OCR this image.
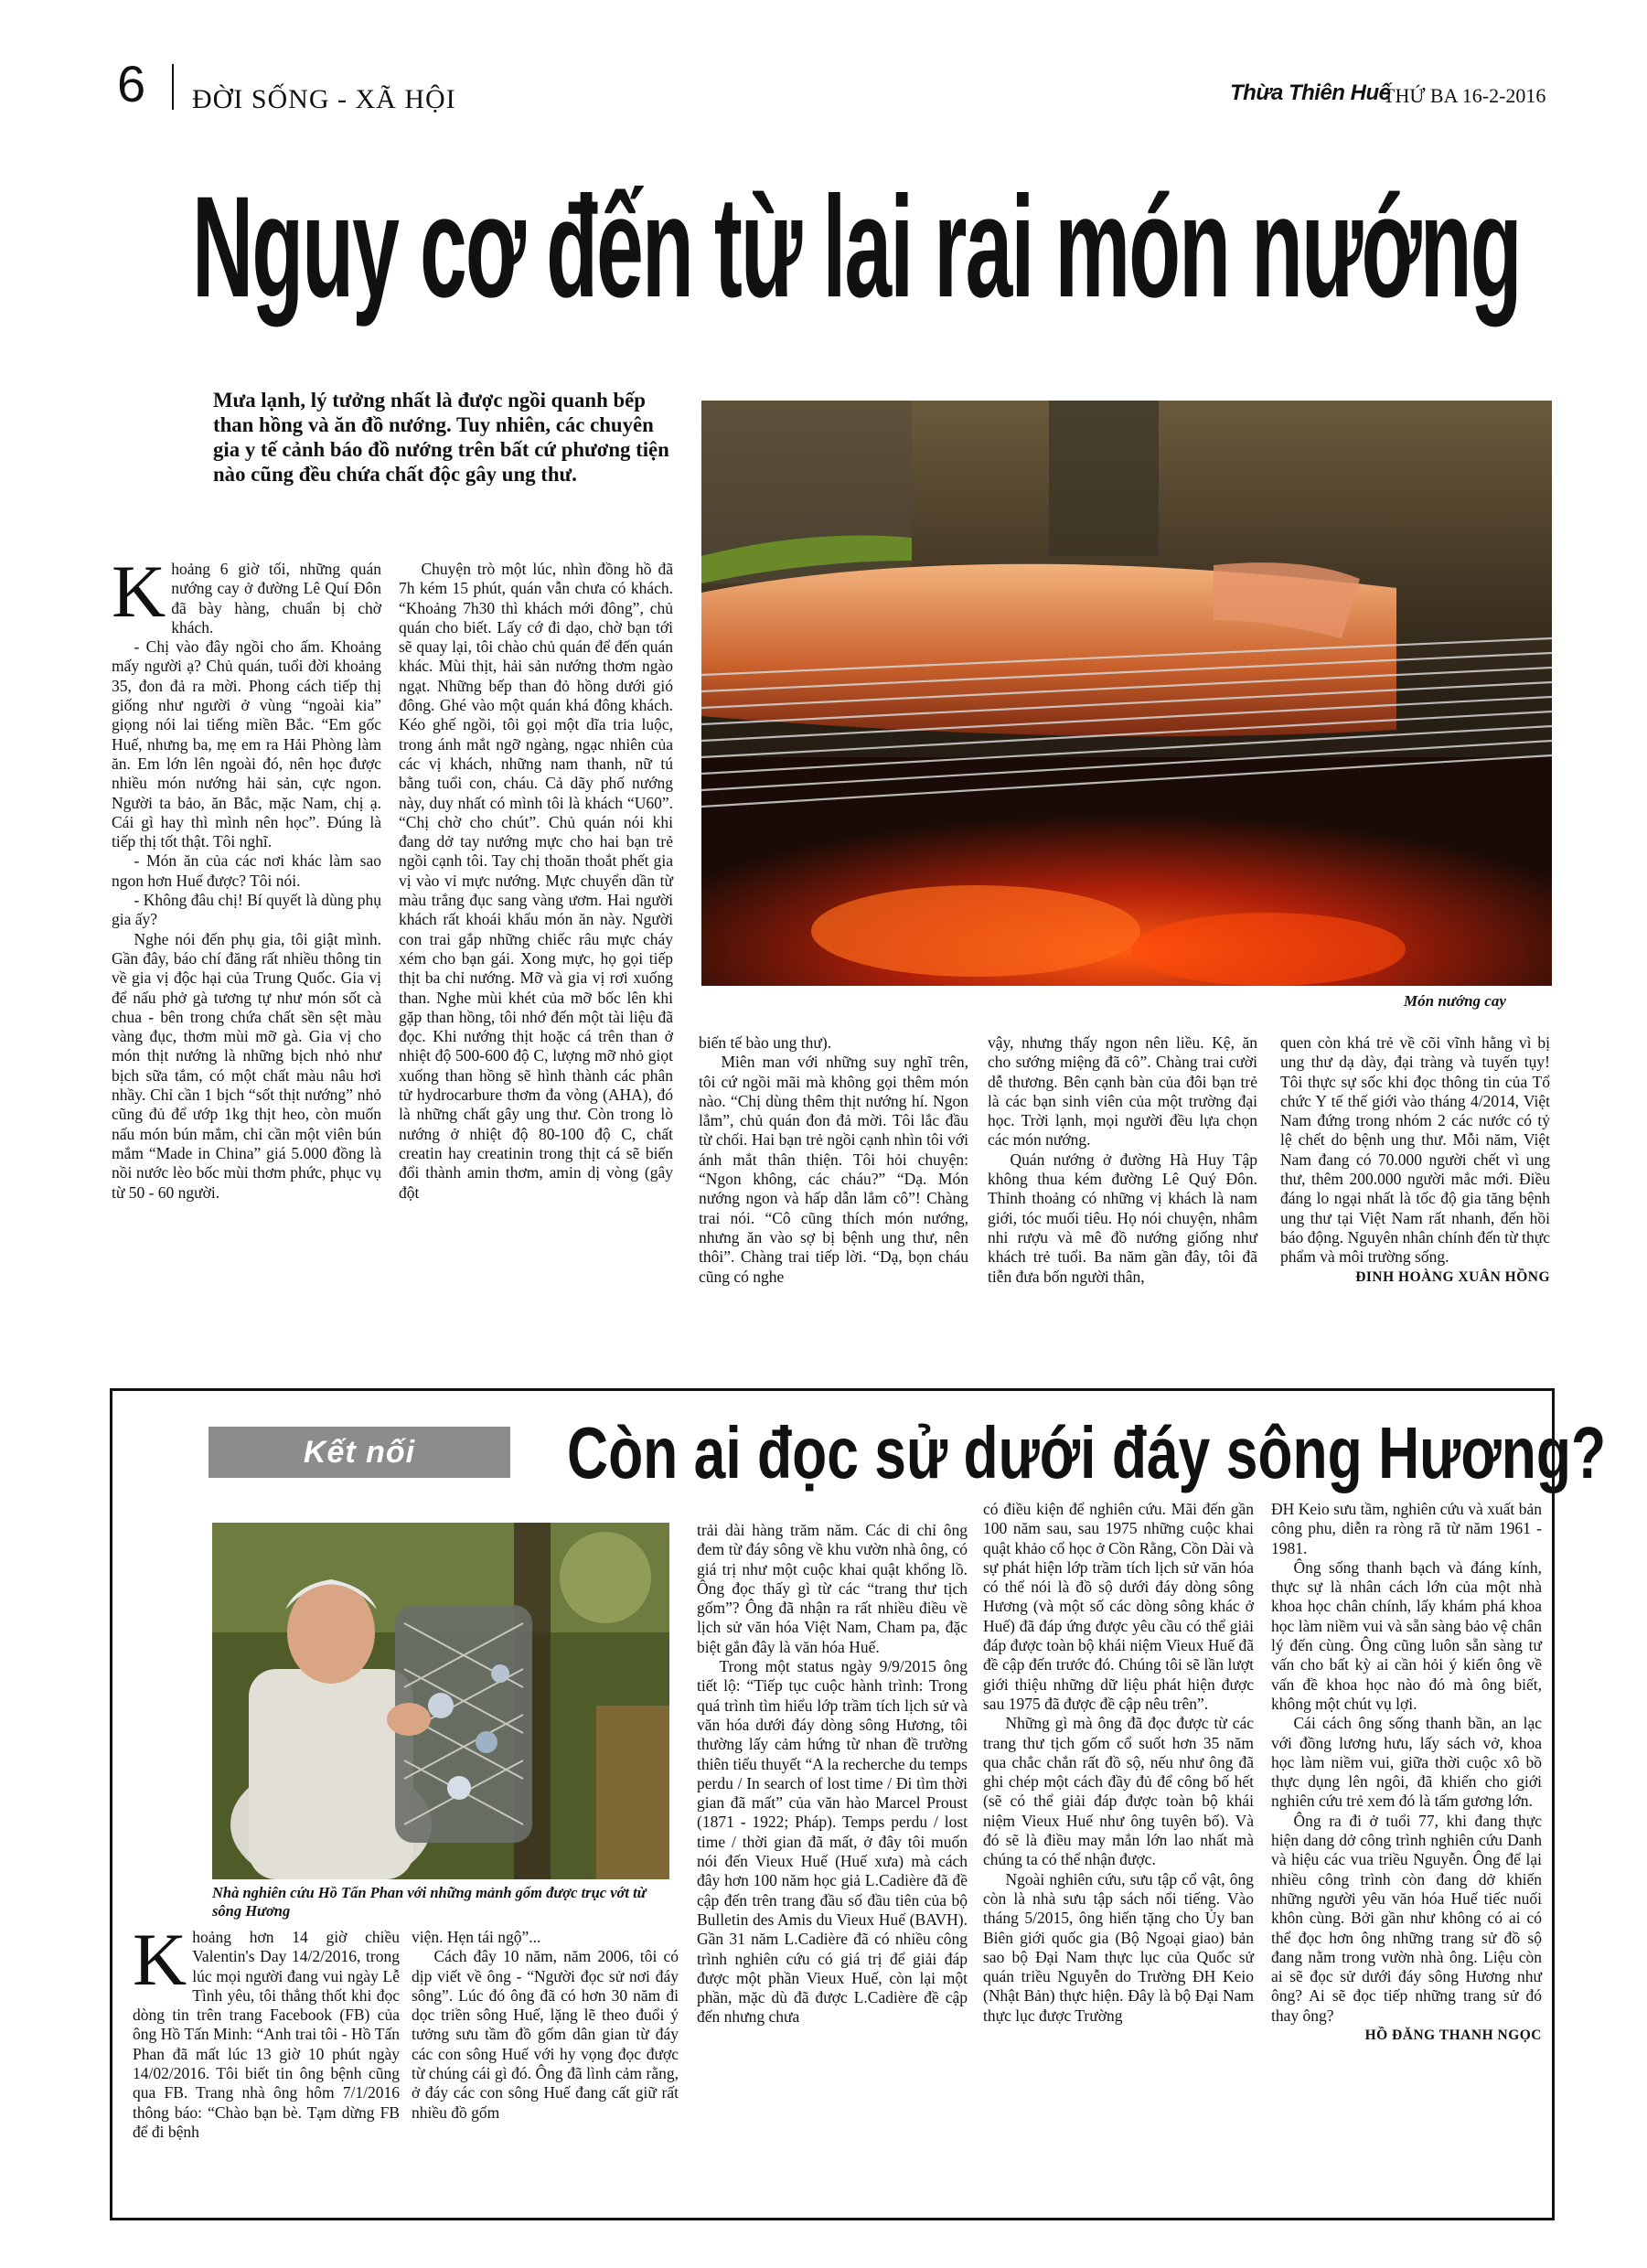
6 ĐỜI SỐNG - XÃ HỘI	Thừa Thiên Huế
THỨ BA 16-2-2016
Nguy cơ đến từ lai rai món nướng
Mưa lạnh, lý tưởng nhất là được ngồi quanh bếp than hồng và ăn đồ nướng. Tuy nhiên, các chuyên gia y tế cảnh báo đồ nướng trên bất cứ phương tiện nào cũng đều chứa chất độc gây ung thư.
Món nướng cay

Khoảng 6 giờ tối, những quán nướng cay ở đường Lê Quí Đôn đã bày hàng, chuẩn bị chờ khách.

- Chị vào đây ngồi cho ấm. Khoảng mấy người ạ? Chủ quán, tuổi đời khoảng 35, đon đả ra mời. Phong cách tiếp thị giống như người ở vùng “ngoài kia” giọng nói lai tiếng miền Bắc. “Em gốc Huế, nhưng ba, mẹ em ra Hải Phòng làm ăn. Em lớn lên ngoài đó, nên học được nhiều món nướng hải sản, cực ngon. Người ta bảo, ăn Bắc, mặc Nam, chị ạ. Cái gì hay thì mình nên học”. Đúng là tiếp thị tốt thật. Tôi nghĩ.

- Món ăn của các nơi khác làm sao ngon hơn Huế được? Tôi nói.

- Không đâu chị! Bí quyết là dùng phụ gia ấy?

Nghe nói đến phụ gia, tôi giật mình. Gần đây, báo chí đăng rất nhiều thông tin về gia vị độc hại của Trung Quốc. Gia vị để nấu phở gà tương tự như món sốt cà chua - bên trong chứa chất sền sệt màu vàng đục, thơm mùi mỡ gà. Gia vị cho món thịt nướng là những bịch nhỏ như bịch sữa tắm, có một chất màu nâu hơi nhầy. Chỉ cần 1 bịch “sốt thịt nướng” nhỏ cũng đủ để ướp 1kg thịt heo, còn muốn nấu món bún mắm, chỉ cần một viên bún mắm “Made in China” giá 5.000 đồng là nồi nước lèo bốc mùi thơm phức, phục vụ từ 50 - 60 người.

Chuyện trò một lúc, nhìn đồng hồ đã 7h kém 15 phút, quán vẫn chưa có khách. “Khoảng 7h30 thì khách mới đông”, chủ quán cho biết. Lấy cớ đi dạo, chờ bạn tới sẽ quay lại, tôi chào chủ quán để đến quán khác. Mùi thịt, hải sản nướng thơm ngào ngạt. Những bếp than đỏ hồng dưới gió đông. Ghé vào một quán khá đông khách. Kéo ghế ngồi, tôi gọi một dĩa tria luộc, trong ánh mắt ngỡ ngàng, ngạc nhiên của các vị khách, những nam thanh, nữ tú bằng tuổi con, cháu. Cả dãy phố nướng này, duy nhất có mình tôi là khách “U60”. “Chị chờ cho chút”. Chủ quán nói khi đang dở tay nướng mực cho hai bạn trẻ ngồi cạnh tôi. Tay chị thoăn thoắt phết gia vị vào vỉ mực nướng. Mực chuyển dần từ màu trắng đục sang vàng ươm. Hai người khách rất khoái khẩu món ăn này. Người con trai gắp những chiếc râu mực cháy xém cho bạn gái. Xong mực, họ gọi tiếp thịt ba chỉ nướng. Mỡ và gia vị rơi xuống than. Nghe mùi khét của mỡ bốc lên khi gặp than hồng, tôi nhớ đến một tài liệu đã đọc. Khi nướng thịt hoặc cá trên than ở nhiệt độ 500-600 độ C, lượng mỡ nhỏ giọt xuống than hồng sẽ hình thành các phân tử hydrocarbure thơm đa vòng (AHA), đó là những chất gây ung thư. Còn trong lò nướng ở nhiệt độ 80-100 độ C, chất creatin hay creatinin trong thịt cá sẽ biến đổi thành amin thơm, amin dị vòng (gây đột

biến tế bào ung thư).

Miên man với những suy nghĩ trên, tôi cứ ngồi mãi mà không gọi thêm món nào. “Chị dùng thêm thịt nướng hí. Ngon lắm”, chủ quán đon đả mời. Tôi lắc đầu từ chối. Hai bạn trẻ ngồi cạnh nhìn tôi với ánh mắt thân thiện. Tôi hỏi chuyện: “Ngon không, các cháu?” “Dạ. Món nướng ngon và hấp dẫn lắm cô”! Chàng trai nói. “Cô cũng thích món nướng, nhưng ăn vào sợ bị bệnh ung thư, nên thôi”. Chàng trai tiếp lời. “Dạ, bọn cháu cũng có nghe

vậy, nhưng thấy ngon nên liều. Kệ, ăn cho sướng miệng đã cô”. Chàng trai cười dễ thương. Bên cạnh bàn của đôi bạn trẻ là các bạn sinh viên của một trường đại học. Trời lạnh, mọi người đều lựa chọn các món nướng.

Quán nướng ở đường Hà Huy Tập không thua kém đường Lê Quý Đôn. Thỉnh thoảng có những vị khách là nam giới, tóc muối tiêu. Họ nói chuyện, nhâm nhi rượu và mê đồ nướng giống như khách trẻ tuổi. Ba năm gần đây, tôi đã tiễn đưa bốn người thân,

quen còn khá trẻ về cõi vĩnh hằng vì bị ung thư dạ dày, đại tràng và tuyến tụy! Tôi thực sự sốc khi đọc thông tin của Tổ chức Y tế thế giới vào tháng 4/2014, Việt Nam đứng trong nhóm 2 các nước có tỷ lệ chết do bệnh ung thư. Mỗi năm, Việt Nam đang có 70.000 người chết vì ung thư, thêm 200.000 người mắc mới. Điều đáng lo ngại nhất là tốc độ gia tăng bệnh ung thư tại Việt Nam rất nhanh, đến hồi báo động. Nguyên nhân chính đến từ thực phẩm và môi trường sống.

ĐINH HOÀNG XUÂN HỒNG
Kết nối	Còn ai đọc sử dưới đáy sông Hương?
Nhà nghiên cứu Hồ Tấn Phan với những mảnh gốm được trục vớt từ sông Hương

Khoảng hơn 14 giờ chiều Valentin's Day 14/2/2016, trong lúc mọi người đang vui ngày Lễ Tình yêu, tôi thẳng thốt khi đọc dòng tin trên trang Facebook (FB) của ông Hồ Tấn Minh: “Anh trai tôi - Hồ Tấn Phan đã mất lúc 13 giờ 10 phút ngày 14/02/2016. Tôi biết tin ông bệnh cũng qua FB. Trang nhà ông hôm 7/1/2016 thông báo: “Chào bạn bè. Tạm dừng FB để đi bệnh

viện. Hẹn tái ngộ”...

Cách đây 10 năm, năm 2006, tôi có dịp viết về ông - “Người đọc sử nơi đáy sông”. Lúc đó ông đã có hơn 30 năm đi dọc triền sông Huế, lặng lẽ theo đuổi ý tưởng sưu tầm đồ gốm dân gian từ đáy các con sông Huế với hy vọng đọc được từ chúng cái gì đó. Ông đã lình cảm rằng, ở đáy các con sông Huế đang cất giữ rất nhiều đồ gốm

trải dài hàng trăm năm. Các di chỉ ông đem từ đáy sông về khu vườn nhà ông, có giá trị như một cuộc khai quật khổng lồ. Ông đọc thấy gì từ các “trang thư tịch gốm”? Ông đã nhận ra rất nhiều điều về lịch sử văn hóa Việt Nam, Cham pa, đặc biệt gắn đây là văn hóa Huế.

Trong một status ngày 9/9/2015 ông tiết lộ: “Tiếp tục cuộc hành trình: Trong quá trình tìm hiểu lớp trầm tích lịch sử và văn hóa dưới đáy dòng sông Hương, tôi thường lấy cảm hứng từ nhan đề trường thiên tiểu thuyết “A la recherche du temps perdu / In search of lost time / Đi tìm thời gian đã mất” của văn hào Marcel Proust (1871 - 1922; Pháp). Temps perdu / lost time / thời gian đã mất, ở đây tôi muốn nói đến Vieux Huế (Huế xưa) mà cách đây hơn 100 năm học giả L.Cadière đã đề cập đến trên trang đầu số đầu tiên của bộ Bulletin des Amis du Vieux Huế (BAVH). Gần 31 năm L.Cadière đã có nhiều công trình nghiên cứu có giá trị để giải đáp được một phần Vieux Huế, còn lại một phần, mặc dù đã được L.Cadière đề cập đến nhưng chưa

có điều kiện để nghiên cứu. Mãi đến gần 100 năm sau, sau 1975 những cuộc khai quật khảo cổ học ở Cồn Rằng, Cồn Dài và sự phát hiện lớp trầm tích lịch sử văn hóa có thể nói là đồ sộ dưới đáy dòng sông Hương (và một số các dòng sông khác ở Huế) đã đáp ứng được yêu cầu có thể giải đáp được toàn bộ khái niệm Vieux Huế đã đề cập đến trước đó. Chúng tôi sẽ lần lượt giới thiệu những dữ liệu phát hiện được sau 1975 đã được đề cập nêu trên”.

Những gì mà ông đã đọc được từ các trang thư tịch gốm cổ suốt hơn 35 năm qua chắc chắn rất đồ sộ, nếu như ông đã ghi chép một cách đầy đủ để công bố hết (sẽ có thể giải đáp được toàn bộ khái niệm Vieux Huế như ông tuyên bố). Và đó sẽ là điều may mắn lớn lao nhất mà chúng ta có thể nhận được.

Ngoài nghiên cứu, sưu tập cổ vật, ông còn là nhà sưu tập sách nổi tiếng. Vào tháng 5/2015, ông hiến tặng cho Ủy ban Biên giới quốc gia (Bộ Ngoại giao) bản sao bộ Đại Nam thực lục của Quốc sử quán triều Nguyễn do Trường ĐH Keio (Nhật Bản) thực hiện. Đây là bộ Đại Nam thực lục được Trường

ĐH Keio sưu tầm, nghiên cứu và xuất bản công phu, diễn ra ròng rã từ năm 1961 - 1981.

Ông sống thanh bạch và đáng kính, thực sự là nhân cách lớn của một nhà khoa học chân chính, lấy khám phá khoa học làm niềm vui và sẵn sàng bảo vệ chân lý đến cùng. Ông cũng luôn sẵn sàng tư vấn cho bất kỳ ai cần hỏi ý kiến ông về vấn đề khoa học nào đó mà ông biết, không một chút vụ lợi.

Cái cách ông sống thanh bần, an lạc với đồng lương hưu, lấy sách vở, khoa học làm niềm vui, giữa thời cuộc xô bồ thực dụng lên ngôi, đã khiến cho giới nghiên cứu trẻ xem đó là tấm gương lớn.

Ông ra đi ở tuổi 77, khi đang thực hiện dang dở công trình nghiên cứu Danh và hiệu các vua triều Nguyễn. Ông để lại nhiều công trình còn đang dở khiến những người yêu văn hóa Huế tiếc nuối khôn cùng. Bởi gần như không có ai có thể đọc hơn ông những trang sử đồ sộ đang nằm trong vườn nhà ông. Liệu còn ai sẽ đọc sử dưới đáy sông Hương như ông? Ai sẽ đọc tiếp những trang sử đó thay ông?

HỒ ĐĂNG THANH NGỌC
